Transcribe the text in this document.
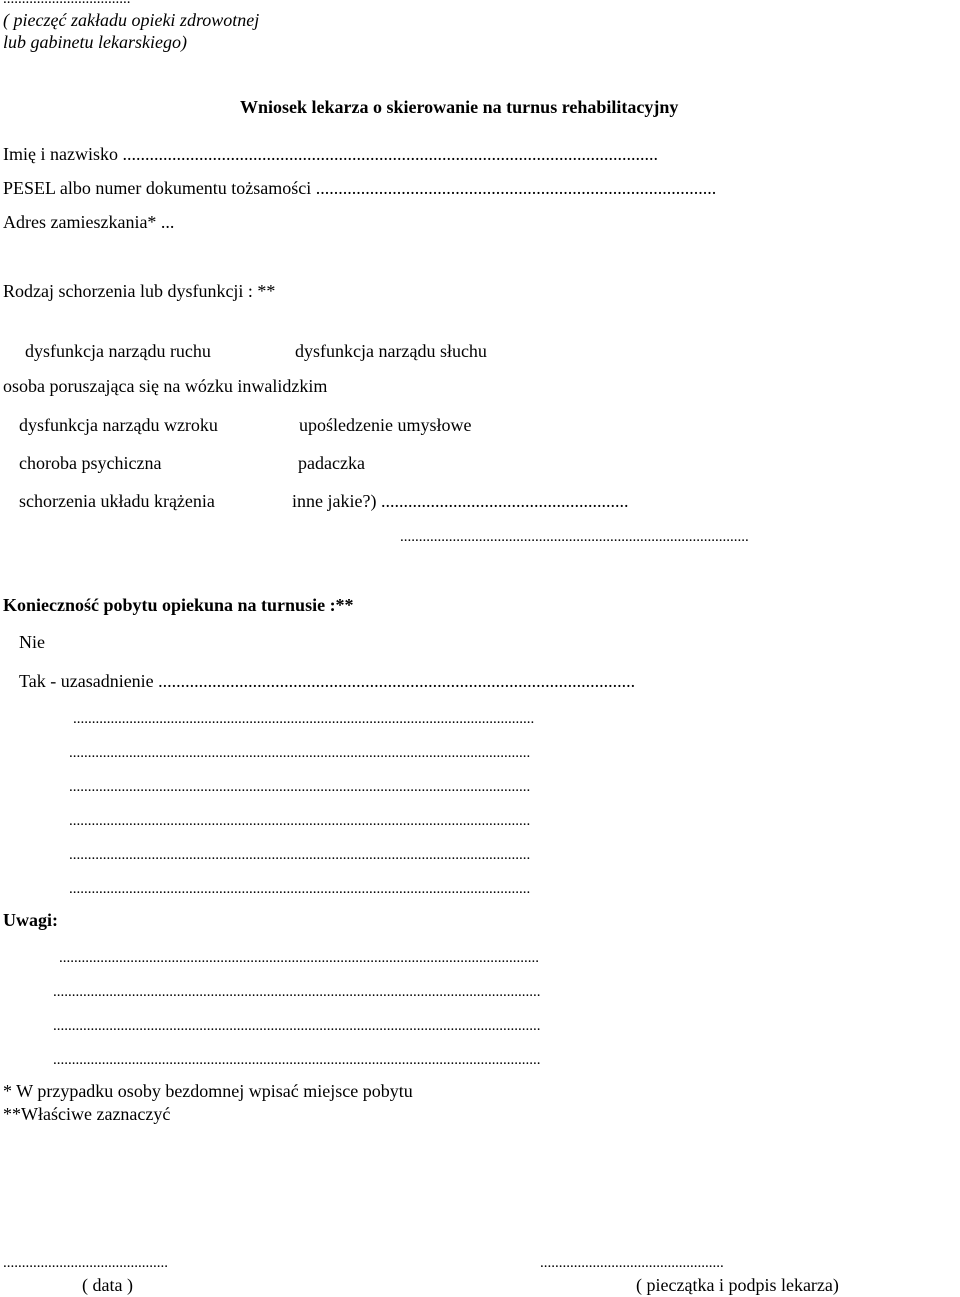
( pieczęć zakładu opieki zdrowotnej
lub gabinetu lekarskiego)
Wniosek lekarza o skierowanie na turnus rehabilitacyjny
Imię i nazwisko .......................................................................................................................
PESEL albo numer dokumentu tożsamości .........................................................................................
Adres zamieszkania* ...
Rodzaj schorzenia lub dysfunkcji : **
dysfunkcja narządu ruchu	dysfunkcja narządu słuchu
osoba poruszająca się na wózku inwalidzkim
dysfunkcja narządu wzroku	upośledzenie umysłowe
choroba psychiczna	padaczka
schorzenia układu krążenia	inne jakie?) .......................................................
.............................................................................................
Konieczność pobytu opiekuna na turnusie :**
Nie
Tak - uzasadnienie ..........................................................................................................
...........................................................................................................................
...........................................................................................................................
...........................................................................................................................
...........................................................................................................................
...........................................................................................................................
...........................................................................................................................
Uwagi:
................................................................................................................................
..................................................................................................................................
..................................................................................................................................
..................................................................................................................................
* W przypadku osoby bezdomnej wpisać miejsce pobytu
**Właściwe zaznaczyć
............................................
( data )
.................................................
( pieczątka i podpis lekarza)
